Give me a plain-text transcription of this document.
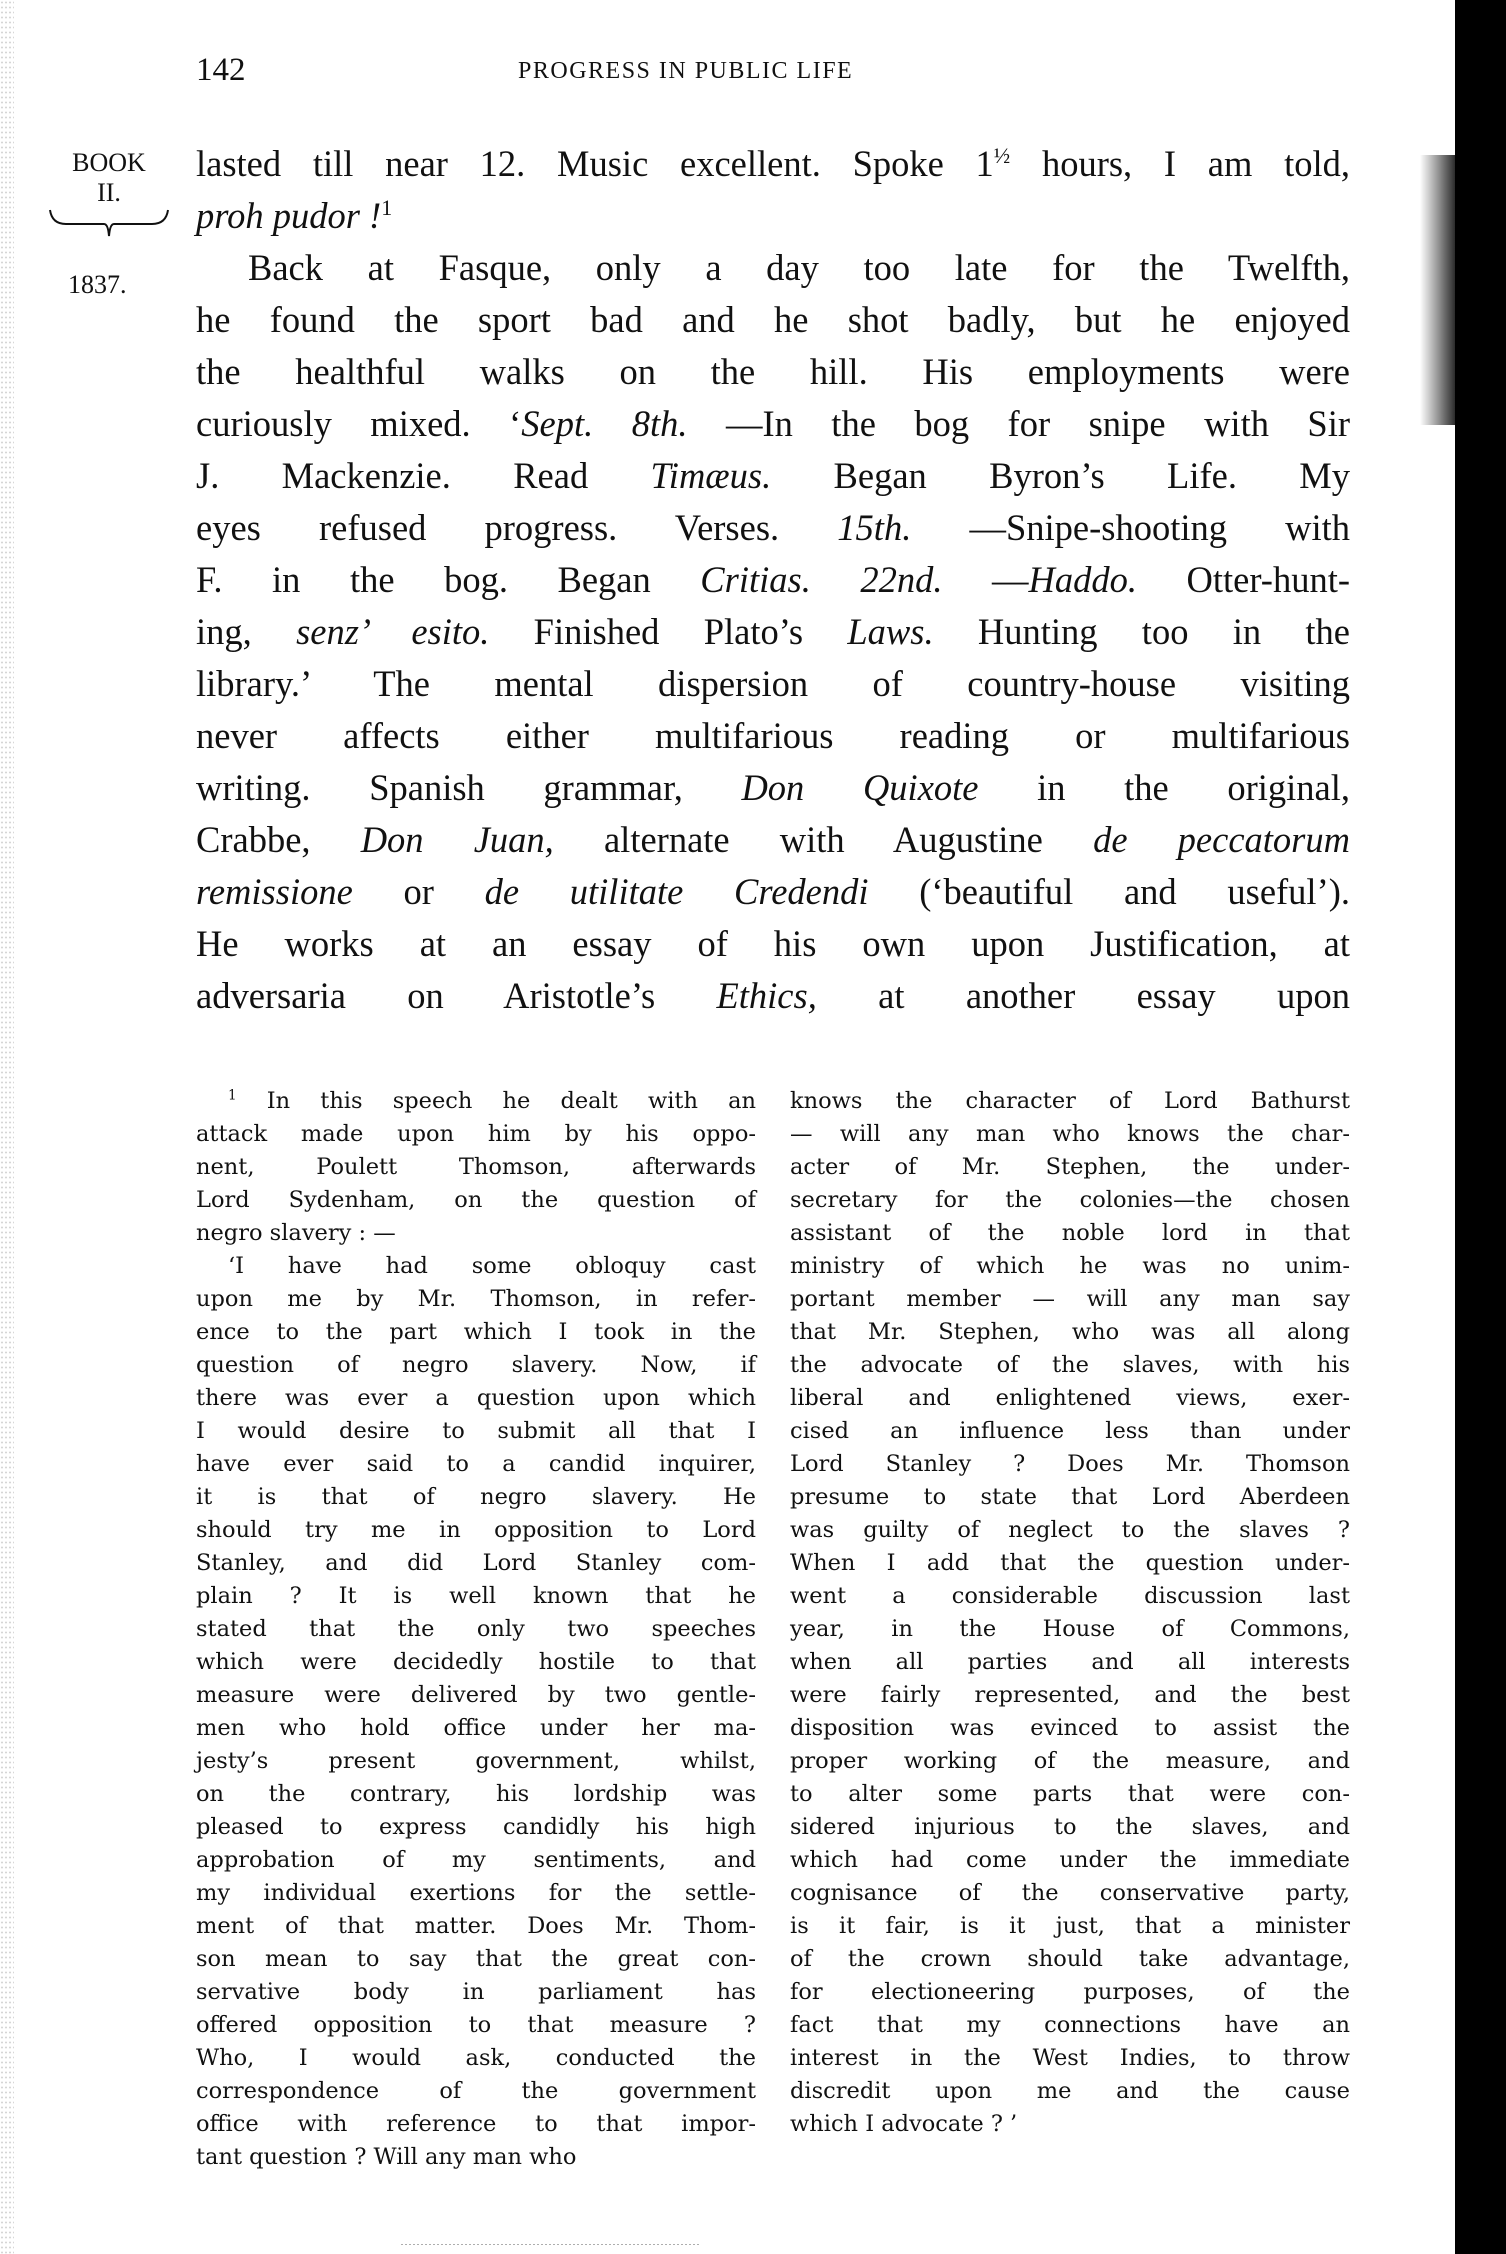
142	PROGRESS IN PUBLIC LIFE
BOOK
II.
1837.
lasted till near 12. Music excellent. Spoke $1^{\frac{1}{2}}$ hours, I am told,
proh pudor !$^1$
Back at Fasque, only a day too late for the Twelfth,
he found the sport bad and he shot badly, but he enjoyed
the healthful walks on the hill. His employments were
curiously mixed. ‘Sept. 8th. —In the bog for snipe with Sir
J. Mackenzie. Read Timæus. Began Byron’s Life. My
eyes refused progress. Verses. 15th. —Snipe-shooting with
F. in the bog. Began Critias. 22nd. —Haddo. Otter-hunt-
ing, senz’ esito. Finished Plato’s Laws. Hunting too in the
library.’ The mental dispersion of country-house visiting
never affects either multifarious reading or multifarious
writing. Spanish grammar, Don Quixote in the original,
Crabbe, Don Juan, alternate with Augustine de peccatorum
remissione or de utilitate Credendi (‘beautiful and useful’).
He works at an essay of his own upon Justification, at
adversaria on Aristotle’s Ethics, at another essay upon
$^1$ In this speech he dealt with an
attack made upon him by his oppo-
nent, Poulett Thomson, afterwards
Lord Sydenham, on the question of
negro slavery : —
‘I have had some obloquy cast
upon me by Mr. Thomson, in refer-
ence to the part which I took in the
question of negro slavery. Now, if
there was ever a question upon which
I would desire to submit all that I
have ever said to a candid inquirer,
it is that of negro slavery. He
should try me in opposition to Lord
Stanley, and did Lord Stanley com-
plain ? It is well known that he
stated that the only two speeches
which were decidedly hostile to that
measure were delivered by two gentle-
men who hold office under her ma-
jesty’s present government, whilst,
on the contrary, his lordship was
pleased to express candidly his high
approbation of my sentiments, and
my individual exertions for the settle-
ment of that matter. Does Mr. Thom-
son mean to say that the great con-
servative body in parliament has
offered opposition to that measure ?
Who, I would ask, conducted the
correspondence of the government
office with reference to that impor-
tant question ? Will any man who
knows the character of Lord Bathurst
— will any man who knows the char-
acter of Mr. Stephen, the under-
secretary for the colonies—the chosen
assistant of the noble lord in that
ministry of which he was no unim-
portant member — will any man say
that Mr. Stephen, who was all along
the advocate of the slaves, with his
liberal and enlightened views, exer-
cised an influence less than under
Lord Stanley ? Does Mr. Thomson
presume to state that Lord Aberdeen
was guilty of neglect to the slaves ?
When I add that the question under-
went a considerable discussion last
year, in the House of Commons,
when all parties and all interests
were fairly represented, and the best
disposition was evinced to assist the
proper working of the measure, and
to alter some parts that were con-
sidered injurious to the slaves, and
which had come under the immediate
cognisance of the conservative party,
is it fair, is it just, that a minister
of the crown should take advantage,
for electioneering purposes, of the
fact that my connections have an
interest in the West Indies, to throw
discredit upon me and the cause
which I advocate ? ’
